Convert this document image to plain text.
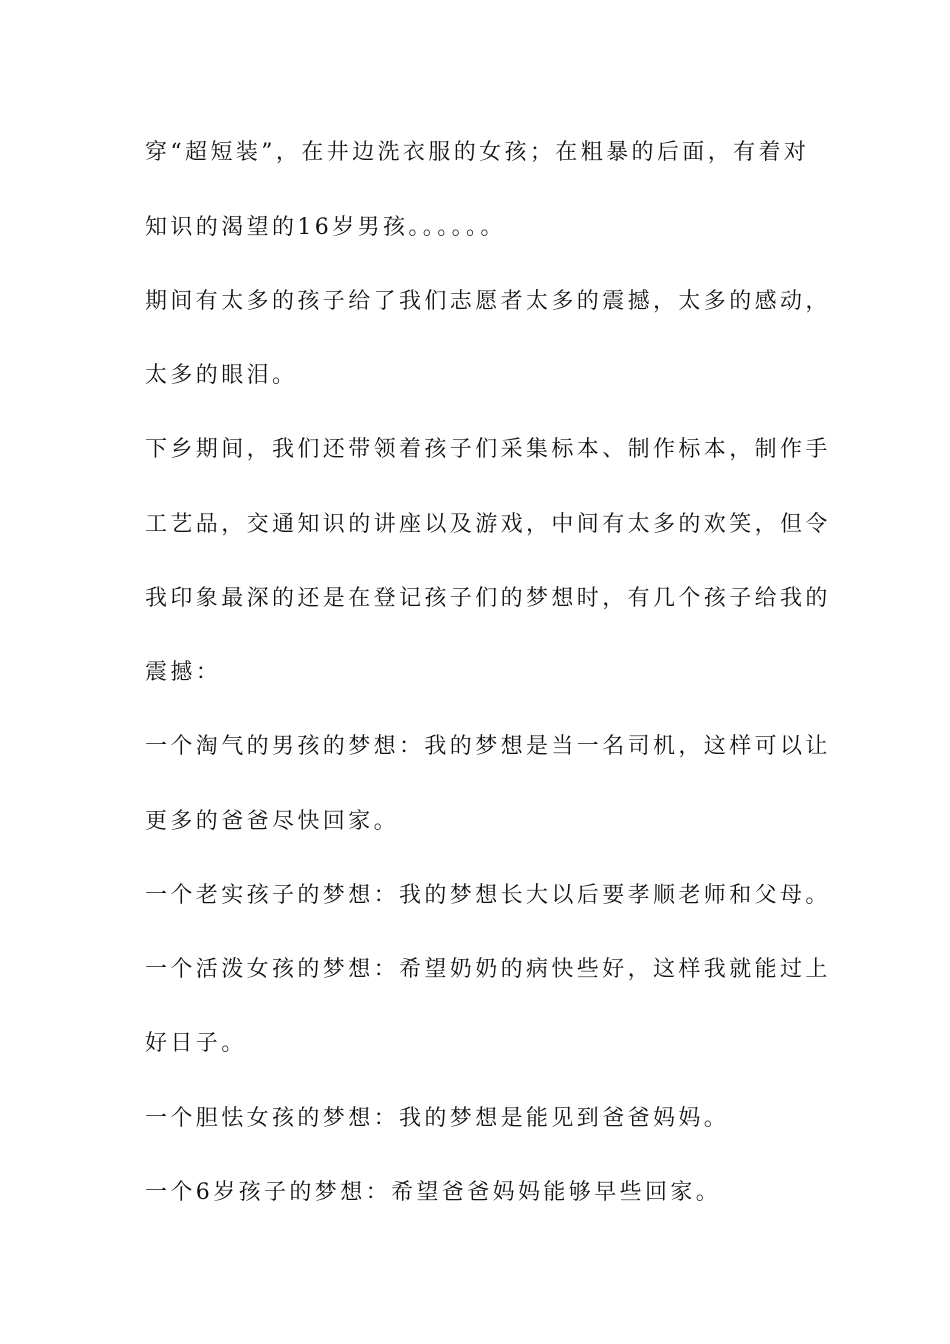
穿“超短装”，在井边洗衣服的女孩；在粗暴的后面，有着对
知识的渴望的16岁男孩。。。。。。
期间有太多的孩子给了我们志愿者太多的震撼，太多的感动，
太多的眼泪。
下乡期间，我们还带领着孩子们采集标本、制作标本，制作手
工艺品，交通知识的讲座以及游戏，中间有太多的欢笑，但令
我印象最深的还是在登记孩子们的梦想时，有几个孩子给我的
震撼：
一个淘气的男孩的梦想：我的梦想是当一名司机，这样可以让
更多的爸爸尽快回家。
一个老实孩子的梦想：我的梦想长大以后要孝顺老师和父母。
一个活泼女孩的梦想：希望奶奶的病快些好，这样我就能过上
好日子。
一个胆怯女孩的梦想：我的梦想是能见到爸爸妈妈。
一个6岁孩子的梦想：希望爸爸妈妈能够早些回家。
